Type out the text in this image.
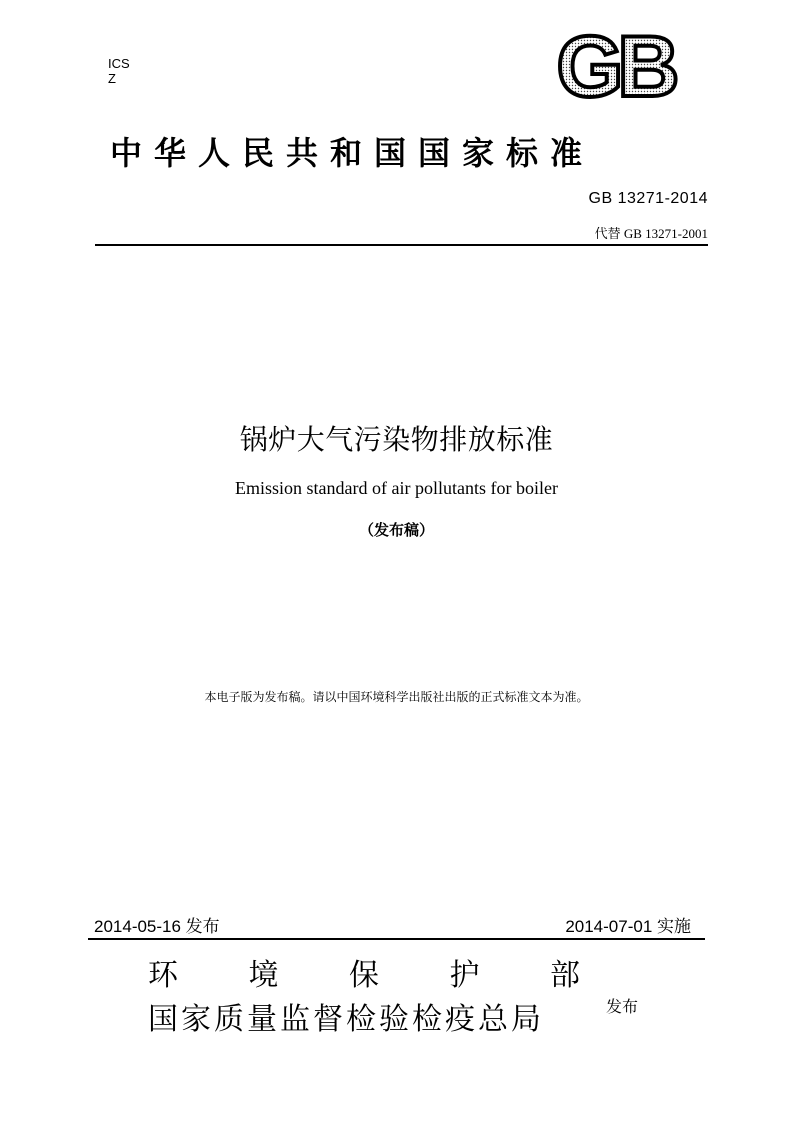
ICS
Z	GB
中华人民共和国国家标准
GB 13271-2014
代替 GB 13271-2001
锅炉大气污染物排放标准
Emission standard of air pollutants for boiler
（发布稿）
本电子版为发布稿。请以中国环境科学出版社出版的正式标准文本为准。
2014-05-16 发布	2014-07-01 实施
环 境 保 护 部
国家质量监督检验检疫总局	发布
